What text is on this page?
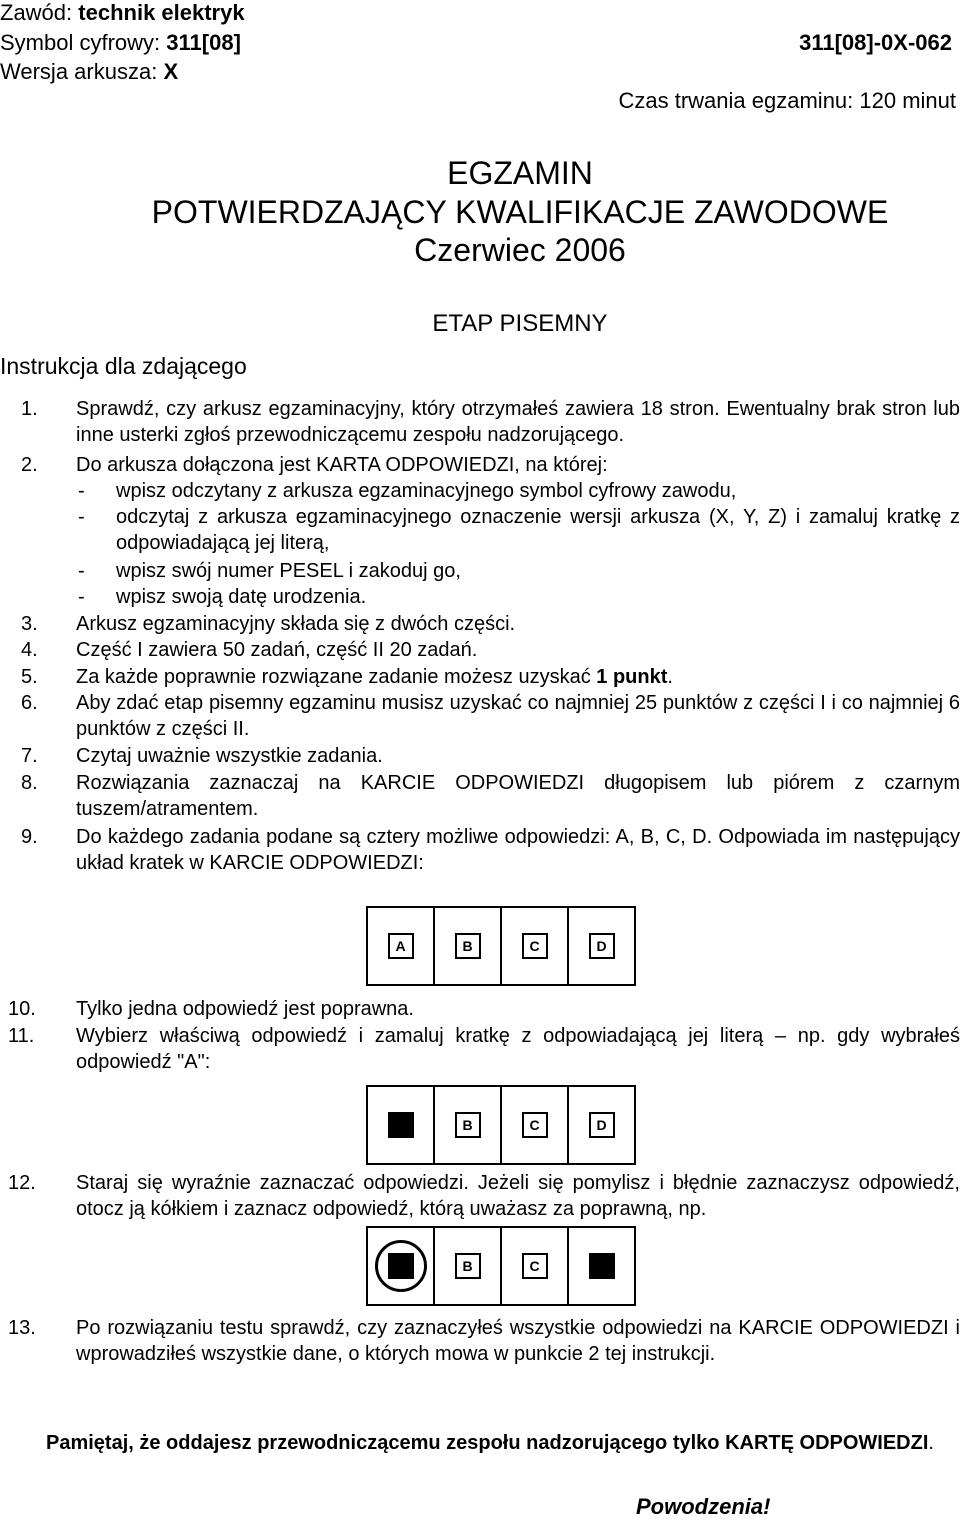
Zawód: technik elektryk
Symbol cyfrowy: 311[08]	311[08]-0X-062
Wersja arkusza: X
Czas trwania egzaminu: 120 minut
EGZAMIN
POTWIERDZAJĄCY KWALIFIKACJE ZAWODOWE
Czerwiec 2006
ETAP PISEMNY
Instrukcja dla zdającego
1. Sprawdź, czy arkusz egzaminacyjny, który otrzymałeś zawiera 18 stron. Ewentualny brak stron lub inne usterki zgłoś przewodniczącemu zespołu nadzorującego.
2. Do arkusza dołączona jest KARTA ODPOWIEDZI, na której:
- wpisz odczytany z arkusza egzaminacyjnego symbol cyfrowy zawodu,
- odczytaj z arkusza egzaminacyjnego oznaczenie wersji arkusza (X, Y, Z) i zamaluj kratkę z odpowiadającą jej literą,
- wpisz swój numer PESEL i zakoduj go,
- wpisz swoją datę urodzenia.
3. Arkusz egzaminacyjny składa się z dwóch części.
4. Część I zawiera 50 zadań, część II 20 zadań.
5. Za każde poprawnie rozwiązane zadanie możesz uzyskać 1 punkt.
6. Aby zdać etap pisemny egzaminu musisz uzyskać co najmniej 25 punktów z części I i co najmniej 6 punktów z części II.
7. Czytaj uważnie wszystkie zadania.
8. Rozwiązania zaznaczaj na KARCIE ODPOWIEDZI długopisem lub piórem z czarnym tuszem/atramentem.
9. Do każdego zadania podane są cztery możliwe odpowiedzi: A, B, C, D. Odpowiada im następujący układ kratek w KARCIE ODPOWIEDZI:
A	B	C	D
10. Tylko jedna odpowiedź jest poprawna.
11. Wybierz właściwą odpowiedź i zamaluj kratkę z odpowiadającą jej literą – np. gdy wybrałeś odpowiedź "A":
A	B	C	D
12. Staraj się wyraźnie zaznaczać odpowiedzi. Jeżeli się pomylisz i błędnie zaznaczysz odpowiedź, otocz ją kółkiem i zaznacz odpowiedź, którą uważasz za poprawną, np.
A	B	C	D
13. Po rozwiązaniu testu sprawdź, czy zaznaczyłeś wszystkie odpowiedzi na KARCIE ODPOWIEDZI i wprowadziłeś wszystkie dane, o których mowa w punkcie 2 tej instrukcji.
Pamiętaj, że oddajesz przewodniczącemu zespołu nadzorującego tylko KARTĘ ODPOWIEDZI.
Powodzenia!
